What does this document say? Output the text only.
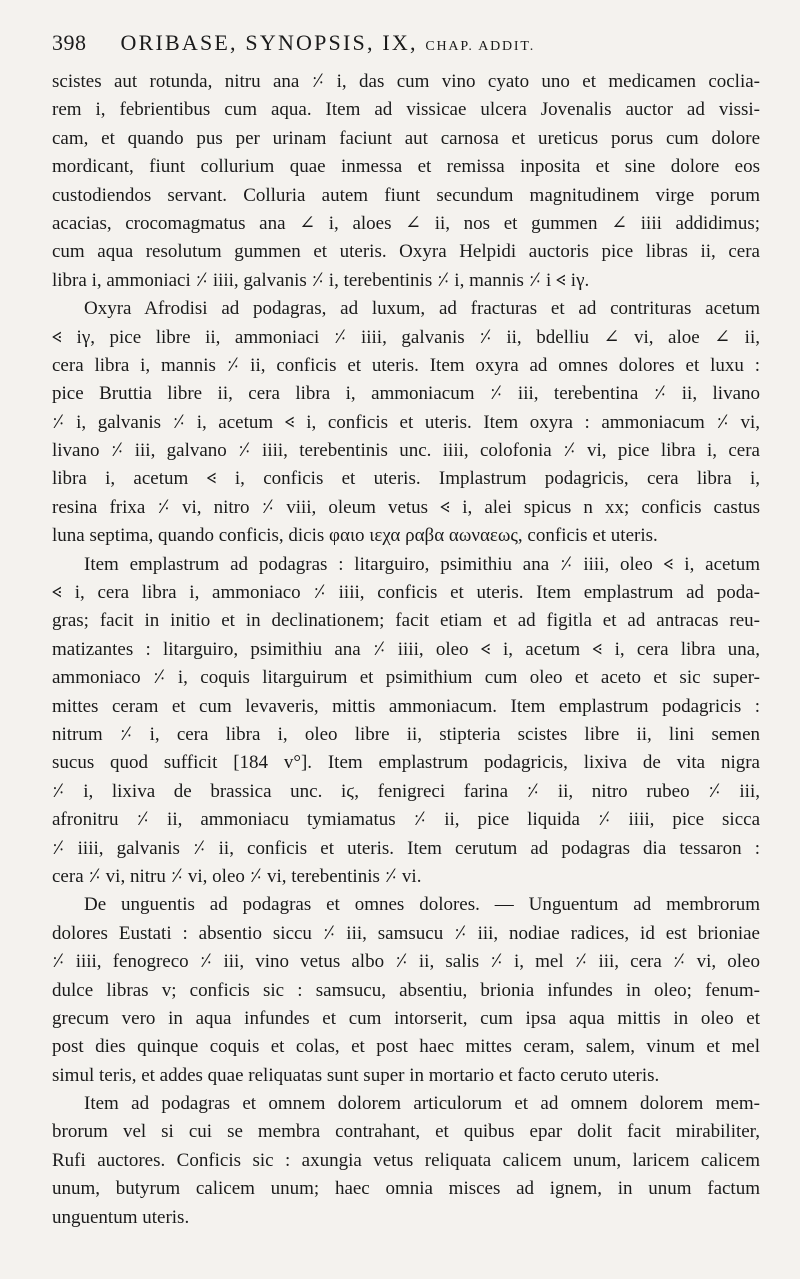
398 ORIBASE, SYNOPSIS, IX, CHAP. ADDIT.
scistes aut rotunda, nitru ana ⸓ i, das cum vino cyato uno et medicamen coclia-
rem i, febrientibus cum aqua. Item ad vissicae ulcera Jovenalis auctor ad vissi-
cam, et quando pus per urinam faciunt aut carnosa et ureticus porus cum dolore
mordicant, fiunt collurium quae inmessa et remissa inposita et sine dolore eos
custodiendos servant. Colluria autem fiunt secundum magnitudinem virge porum
acacias, crocomagmatus ana ∠ i, aloes ∠ ii, nos et gummen ∠ iiii addidimus;
cum aqua resolutum gummen et uteris. Oxyra Helpidi auctoris pice libras ii, cera
libra i, ammoniaci ⸓ iiii, galvanis ⸓ i, terebentinis ⸓ i, mannis ⸓ i 𐅻 iγ.
Oxyra Afrodisi ad podagras, ad luxum, ad fracturas et ad contrituras acetum
𐅻 iγ, pice libre ii, ammoniaci ⸓ iiii, galvanis ⸓ ii, bdelliu ∠ vi, aloe ∠ ii,
cera libra i, mannis ⸓ ii, conficis et uteris. Item oxyra ad omnes dolores et luxu :
pice Bruttia libre ii, cera libra i, ammoniacum ⸓ iii, terebentina ⸓ ii, livano
⸓ i, galvanis ⸓ i, acetum 𐅻 i, conficis et uteris. Item oxyra : ammoniacum ⸓ vi,
livano ⸓ iii, galvano ⸓ iiii, terebentinis unc. iiii, colofonia ⸓ vi, pice libra i, cera
libra i, acetum 𐅻 i, conficis et uteris. Implastrum podagricis, cera libra i,
resina frixa ⸓ vi, nitro ⸓ viii, oleum vetus 𐅻 i, alei spicus n xx; conficis castus
luna septima, quando conficis, dicis φαιο ιεχα ραβα αωναεως, conficis et uteris.
Item emplastrum ad podagras : litarguiro, psimithiu ana ⸓ iiii, oleo 𐅻 i, acetum
𐅻 i, cera libra i, ammoniaco ⸓ iiii, conficis et uteris. Item emplastrum ad poda-
gras; facit in initio et in declinationem; facit etiam et ad figitla et ad antracas reu-
matizantes : litarguiro, psimithiu ana ⸓ iiii, oleo 𐅻 i, acetum 𐅻 i, cera libra una,
ammoniaco ⸓ i, coquis litarguirum et psimithium cum oleo et aceto et sic super-
mittes ceram et cum levaveris, mittis ammoniacum. Item emplastrum podagricis :
nitrum ⸓ i, cera libra i, oleo libre ii, stipteria scistes libre ii, lini semen
sucus quod sufficit [184 v°]. Item emplastrum podagricis, lixiva de vita nigra
⸓ i, lixiva de brassica unc. iϛ, fenigreci farina ⸓ ii, nitro rubeo ⸓ iii,
afronitru ⸓ ii, ammoniacu tymiamatus ⸓ ii, pice liquida ⸓ iiii, pice sicca
⸓ iiii, galvanis ⸓ ii, conficis et uteris. Item cerutum ad podagras dia tessaron :
cera ⸓ vi, nitru ⸓ vi, oleo ⸓ vi, terebentinis ⸓ vi.
De unguentis ad podagras et omnes dolores. — Unguentum ad membrorum
dolores Eustati : absentio siccu ⸓ iii, samsucu ⸓ iii, nodiae radices, id est brioniae
⸓ iiii, fenogreco ⸓ iii, vino vetus albo ⸓ ii, salis ⸓ i, mel ⸓ iii, cera ⸓ vi, oleo
dulce libras v; conficis sic : samsucu, absentiu, brionia infundes in oleo; fenum-
grecum vero in aqua infundes et cum intorserit, cum ipsa aqua mittis in oleo et
post dies quinque coquis et colas, et post haec mittes ceram, salem, vinum et mel
simul teris, et addes quae reliquatas sunt super in mortario et facto ceruto uteris.
Item ad podagras et omnem dolorem articulorum et ad omnem dolorem mem-
brorum vel si cui se membra contrahant, et quibus epar dolit facit mirabiliter,
Rufi auctores. Conficis sic : axungia vetus reliquata calicem unum, laricem calicem
unum, butyrum calicem unum; haec omnia misces ad ignem, in unum factum
unguentum uteris.
